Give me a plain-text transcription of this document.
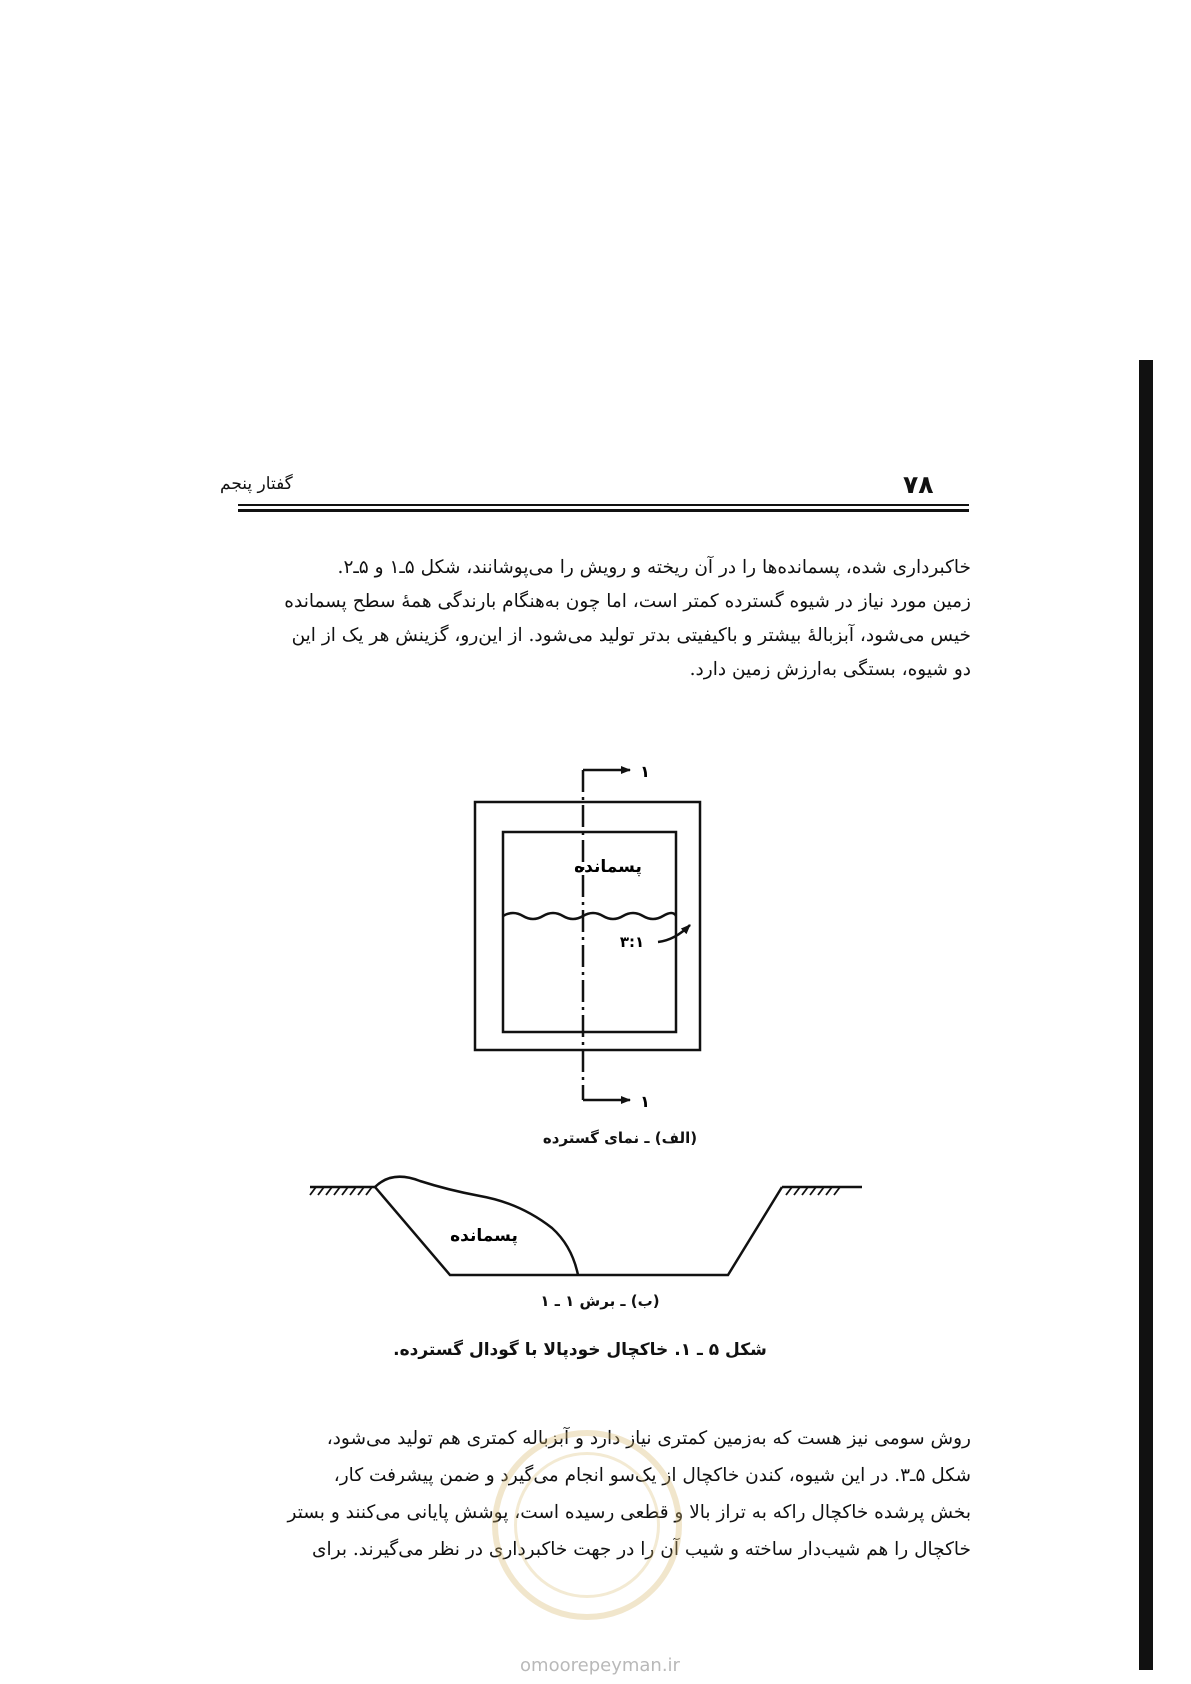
۷۸
گفتار پنجم

خاکبرداری شده، پسمانده‌ها را در آن ریخته و رویش را می‌پوشانند، شکل ۵ـ۱ و ۵ـ۲.

زمین مورد نیاز در شیوه گسترده کمتر است، اما چون به‌هنگام بارندگی همهٔ سطح پسمانده

خیس می‌شود، آبزبالهٔ بیشتر و باکیفیتی بدتر تولید می‌شود. از این‌رو، گزینش هر یک از این

دو شیوه، بستگی به‌ارزش زمین دارد.

۱
۱
پسمانده
۳:۱
پسمانده
(الف) ـ نمای گسترده
(ب) ـ برش ۱ ـ ۱
شکل ۵ ـ ۱. خاکچال خودپالا با گودال گسترده.

روش سومی نیز هست که به‌زمین کمتری نیاز دارد و آبزباله کمتری هم تولید می‌شود،

شکل ۵ـ۳. در این شیوه، کندن خاکچال از یک‌سو انجام می‌گیرد و ضمن پیشرفت کار،

بخش پرشده خاکچال راکه به تراز بالا و قطعی رسیده است، پوشش پایانی می‌کنند و بستر

خاکچال را هم شیب‌دار ساخته و شیب آن را در جهت خاکبرداری در نظر می‌گیرند. برای

omoorepeyman.ir
